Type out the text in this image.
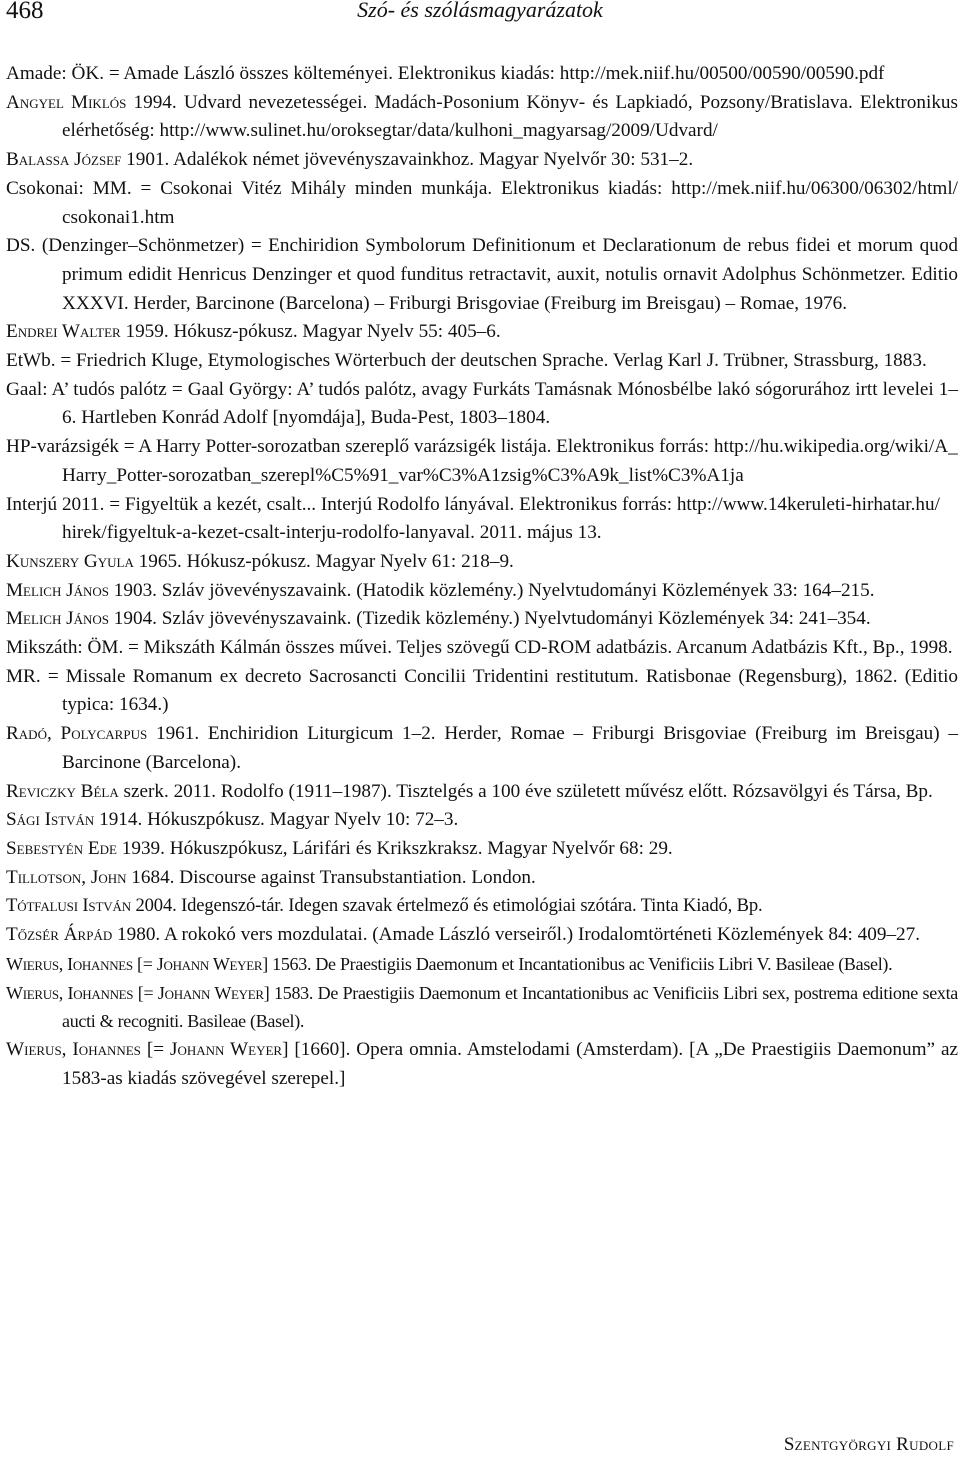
468	Szó- és szólásmagyarázatok
Amade: ÖK. = Amade László összes költeményei. Elektronikus kiadás: http://mek.niif.hu/00500/00590/00590.pdf
Angyel Miklós 1994. Udvard nevezetességei. Madách-Posonium Könyv- és Lapkiadó, Pozsony/Bratislava. Elektronikus elérhetőség: http://www.sulinet.hu/oroksegtar/data/kulhoni_magyarsag/2009/Udvard/
Balassa József 1901. Adalékok német jövevényszavainkhoz. Magyar Nyelvőr 30: 531–2.
Csokonai: MM. = Csokonai Vitéz Mihály minden munkája. Elektronikus kiadás: http://mek.niif.hu/06300/06302/html/csokonai1.htm
DS. (Denzinger–Schönmetzer) = Enchiridion Symbolorum Definitionum et Declarationum de rebus fidei et morum quod primum edidit Henricus Denzinger et quod funditus retractavit, auxit, notulis ornavit Adolphus Schönmetzer. Editio XXXVI. Herder, Barcinone (Barcelona) – Friburgi Brisgoviae (Freiburg im Breisgau) – Romae, 1976.
Endrei Walter 1959. Hókusz-pókusz. Magyar Nyelv 55: 405–6.
EtWb. = Friedrich Kluge, Etymologisches Wörterbuch der deutschen Sprache. Verlag Karl J. Trübner, Strassburg, 1883.
Gaal: A’ tudós palótz = Gaal György: A’ tudós palótz, avagy Furkáts Tamásnak Mónosbélbe lakó sógorurához irtt levelei 1–6. Hartleben Konrád Adolf [nyomdája], Buda-Pest, 1803–1804.
HP-varázsigék = A Harry Potter-sorozatban szereplő varázsigék listája. Elektronikus forrás: http://hu.wikipedia.org/wiki/A_Harry_Potter-sorozatban_szerepl%C5%91_var%C3%A1zsig%C3%A9k_list%C3%A1ja
Interjú 2011. = Figyeltük a kezét, csalt... Interjú Rodolfo lányával. Elektronikus forrás: http://www.14keruleti-hirhatar.hu/hirek/figyeltuk-a-kezet-csalt-interju-rodolfo-lanyaval. 2011. május 13.
Kunszery Gyula 1965. Hókusz-pókusz. Magyar Nyelv 61: 218–9.
Melich János 1903. Szláv jövevényszavaink. (Hatodik közlemény.) Nyelvtudományi Közlemények 33: 164–215.
Melich János 1904. Szláv jövevényszavaink. (Tizedik közlemény.) Nyelvtudományi Közlemények 34: 241–354.
Mikszáth: ÖM. = Mikszáth Kálmán összes művei. Teljes szövegű CD-ROM adatbázis. Arcanum Adatbázis Kft., Bp., 1998.
MR. = Missale Romanum ex decreto Sacrosancti Concilii Tridentini restitutum. Ratisbonae (Regensburg), 1862. (Editio typica: 1634.)
Radó, Polycarpus 1961. Enchiridion Liturgicum 1–2. Herder, Romae – Friburgi Brisgoviae (Freiburg im Breisgau) – Barcinone (Barcelona).
Reviczky Béla szerk. 2011. Rodolfo (1911–1987). Tisztelgés a 100 éve született művész előtt. Rózsavölgyi és Társa, Bp.
Sági István 1914. Hókuszpókusz. Magyar Nyelv 10: 72–3.
Sebestyén Ede 1939. Hókuszpókusz, Lárifári és Krikszkraksz. Magyar Nyelvőr 68: 29.
Tillotson, John 1684. Discourse against Transubstantiation. London.
Tótfalusi István 2004. Idegenszó-tár. Idegen szavak értelmező és etimológiai szótára. Tinta Kiadó, Bp.
Tőzsér Árpád 1980. A rokokó vers mozdulatai. (Amade László verseiről.) Irodalomtörténeti Közlemények 84: 409–27.
Wierus, Iohannes [= Johann Weyer] 1563. De Praestigiis Daemonum et Incantationibus ac Venificiis Libri V. Basileae (Basel).
Wierus, Iohannes [= Johann Weyer] 1583. De Praestigiis Daemonum et Incantationibus ac Venificiis Libri sex, postrema editione sexta aucti & recogniti. Basileae (Basel).
Wierus, Iohannes [= Johann Weyer] [1660]. Opera omnia. Amstelodami (Amsterdam). [A „De Praestigiis Daemonum” az 1583-as kiadás szövegével szerepel.]
Szentgyörgyi Rudolf
